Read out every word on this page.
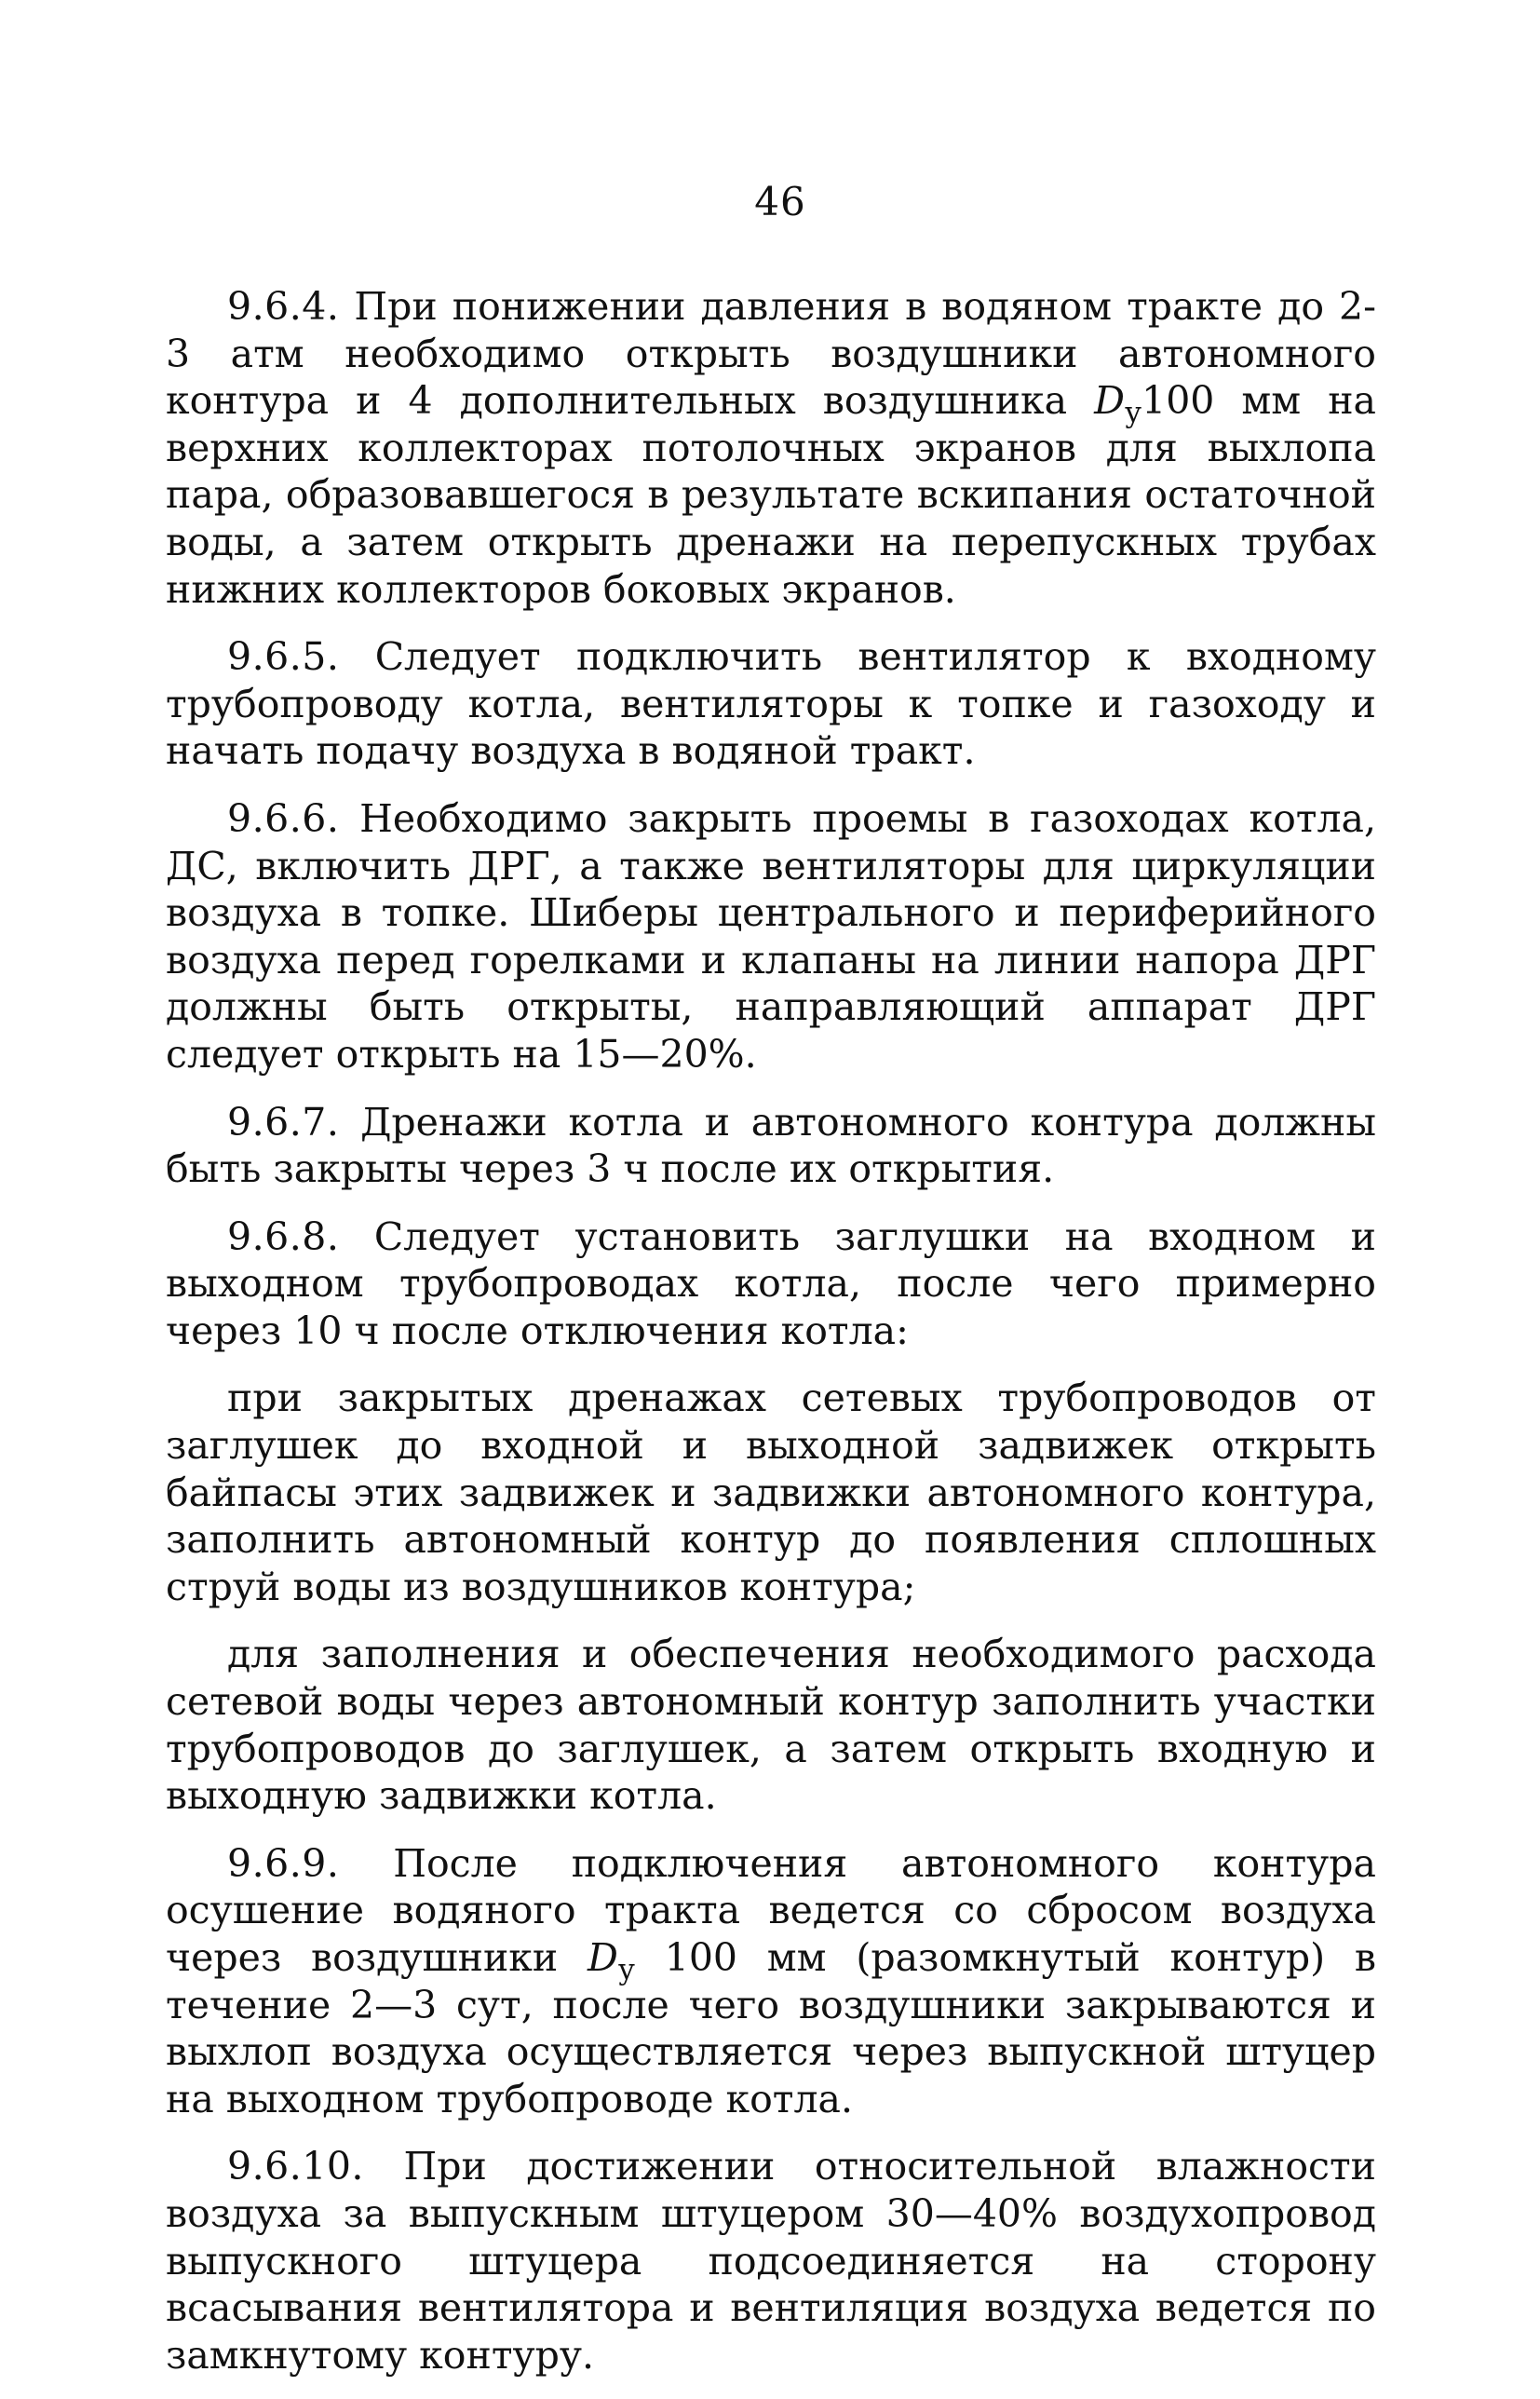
46

9.6.4. При понижении давления в водяном тракте до 2-3 атм необходимо открыть воздушники автономного контура и 4 дополнительных воздушника $D_у100$ мм на верхних коллекторах потолочных экранов для выхлопа пара, образовавшегося в результате вскипания остаточной воды, а затем открыть дренажи на перепускных трубах нижних коллекторов боковых экранов.

9.6.5. Следует подключить вентилятор к входному трубопроводу котла, вентиляторы к топке и газоходу и начать подачу воздуха в водяной тракт.

9.6.6. Необходимо закрыть проемы в газоходах котла, ДС, включить ДРГ, а также вентиляторы для циркуляции воздуха в топке. Шиберы центрального и периферийного воздуха перед горелками и клапаны на линии напора ДРГ должны быть открыты, направляющий аппарат ДРГ следует открыть на 15—20%.

9.6.7. Дренажи котла и автономного контура должны быть закрыты через 3 ч после их открытия.

9.6.8. Следует установить заглушки на входном и выходном трубопроводах котла, после чего примерно через 10 ч после отключения котла:

при закрытых дренажах сетевых трубопроводов от заглушек до входной и выходной задвижек открыть байпасы этих задвижек и задвижки автономного контура, заполнить автономный контур до появления сплошных струй воды из воздушников контура;

для заполнения и обеспечения необходимого расхода сетевой воды через автономный контур заполнить участки трубопроводов до заглушек, а затем открыть входную и выходную задвижки котла.

9.6.9. После подключения автономного контура осушение водяного тракта ведется со сбросом воздуха через воздушники $D_у$ 100 мм (разомкнутый контур) в течение 2—3 сут, после чего воздушники закрываются и выхлоп воздуха осуществляется через выпускной штуцер на выходном трубопроводе котла.

9.6.10. При достижении относительной влажности воздуха за выпускным штуцером 30—40% воздухопровод выпускного штуцера подсоединяется на сторону всасывания вентилятора и вентиляция воздуха ведется по замкнутому контуру.
